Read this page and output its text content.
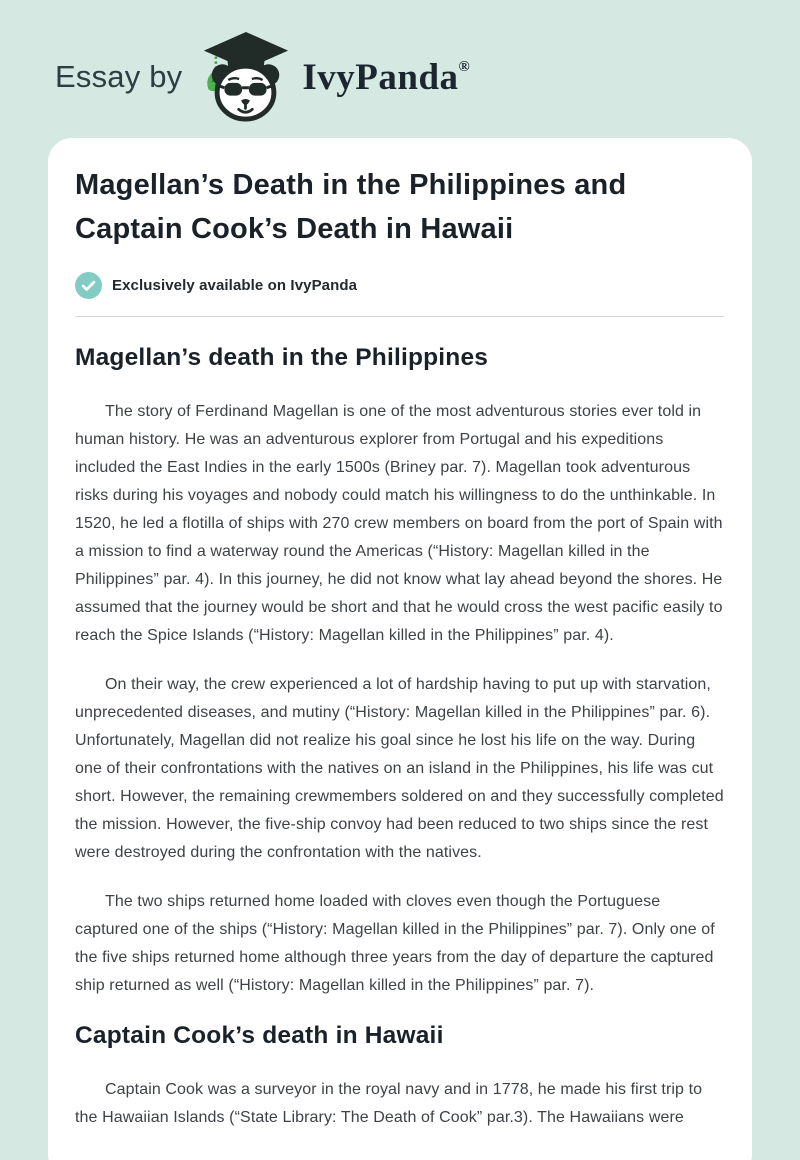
Essay by	IvyPanda®
Magellan’s Death in the Philippines and Captain Cook’s Death in Hawaii
Exclusively available on IvyPanda
Magellan’s death in the Philippines

The story of Ferdinand Magellan is one of the most adventurous stories ever told in human history. He was an adventurous explorer from Portugal and his expeditions included the East Indies in the early 1500s (Briney par. 7). Magellan took adventurous risks during his voyages and nobody could match his willingness to do the unthinkable. In 1520, he led a flotilla of ships with 270 crew members on board from the port of Spain with a mission to find a waterway round the Americas (“History: Magellan killed in the Philippines” par. 4). In this journey, he did not know what lay ahead beyond the shores. He assumed that the journey would be short and that he would cross the west pacific easily to reach the Spice Islands (“History: Magellan killed in the Philippines” par. 4).

On their way, the crew experienced a lot of hardship having to put up with starvation, unprecedented diseases, and mutiny (“History: Magellan killed in the Philippines” par. 6). Unfortunately, Magellan did not realize his goal since he lost his life on the way. During one of their confrontations with the natives on an island in the Philippines, his life was cut short. However, the remaining crewmembers soldered on and they successfully completed the mission. However, the five-ship convoy had been reduced to two ships since the rest were destroyed during the confrontation with the natives.

The two ships returned home loaded with cloves even though the Portuguese captured one of the ships (“History: Magellan killed in the Philippines” par. 7). Only one of the five ships returned home although three years from the day of departure the captured ship returned as well (“History: Magellan killed in the Philippines” par. 7).

Captain Cook’s death in Hawaii

Captain Cook was a surveyor in the royal navy and in 1778, he made his first trip to the Hawaiian Islands (“State Library: The Death of Cook” par.3). The Hawaiians were
